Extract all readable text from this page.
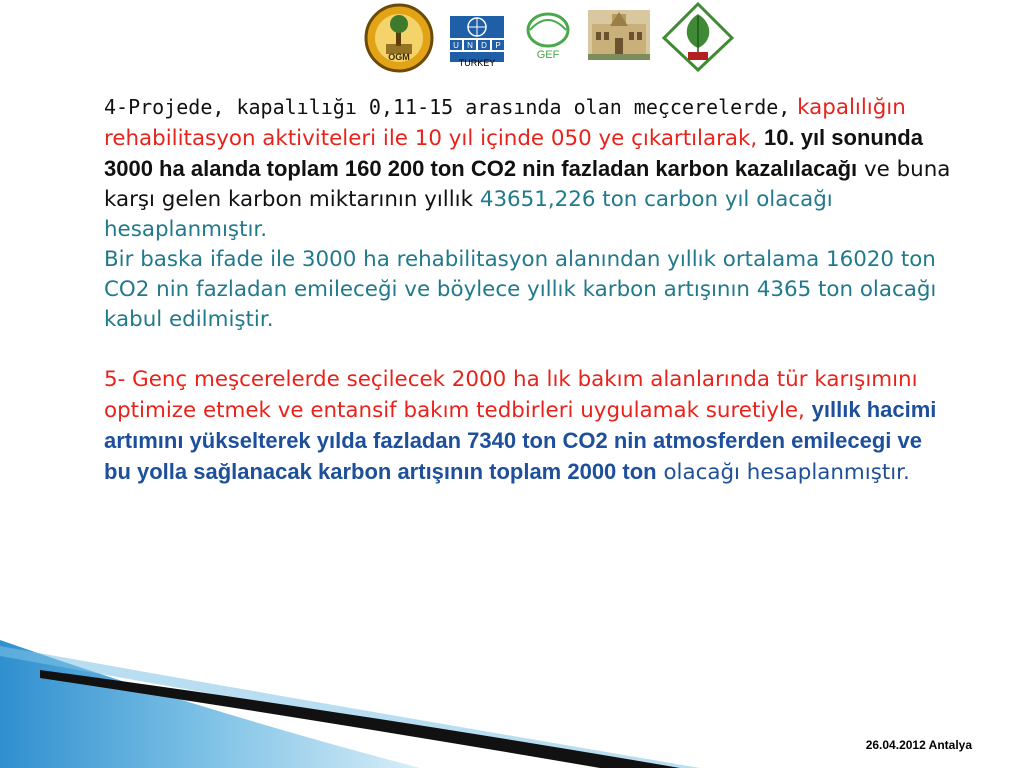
OGM
U N D P
TURKEY
GEF

4-Projede, kapalılığı 0,11-15 arasında olan meçcerelerde, kapalılığın rehabilitasyon aktiviteleri ile 10 yıl içinde 050 ye çıkartılarak, 10. yıl sonunda 3000 ha alanda toplam 160 200 ton CO2 nin fazladan karbon kazalılacağı ve buna karşı gelen karbon miktarının yıllık 43651,226 ton carbon yıl olacağı hesaplanmıştır.

Bir baska ifade ile 3000 ha rehabilitasyon alanından yıllık ortalama 16020 ton CO2 nin fazladan emileceği ve böylece yıllık karbon artışının 4365 ton olacağı kabul edilmiştir.

5- Genç meşcerelerde seçilecek 2000 ha lık bakım alanlarında tür karışımını optimize etmek ve entansif bakım tedbirleri uygulamak suretiyle, yıllık hacimi artımını yükselterek yılda fazladan 7340 ton CO2 nin atmosferden emilecegi ve bu yolla sağlanacak karbon artışının toplam 2000 ton olacağı hesaplanmıştır.

26.04.2012 Antalya
